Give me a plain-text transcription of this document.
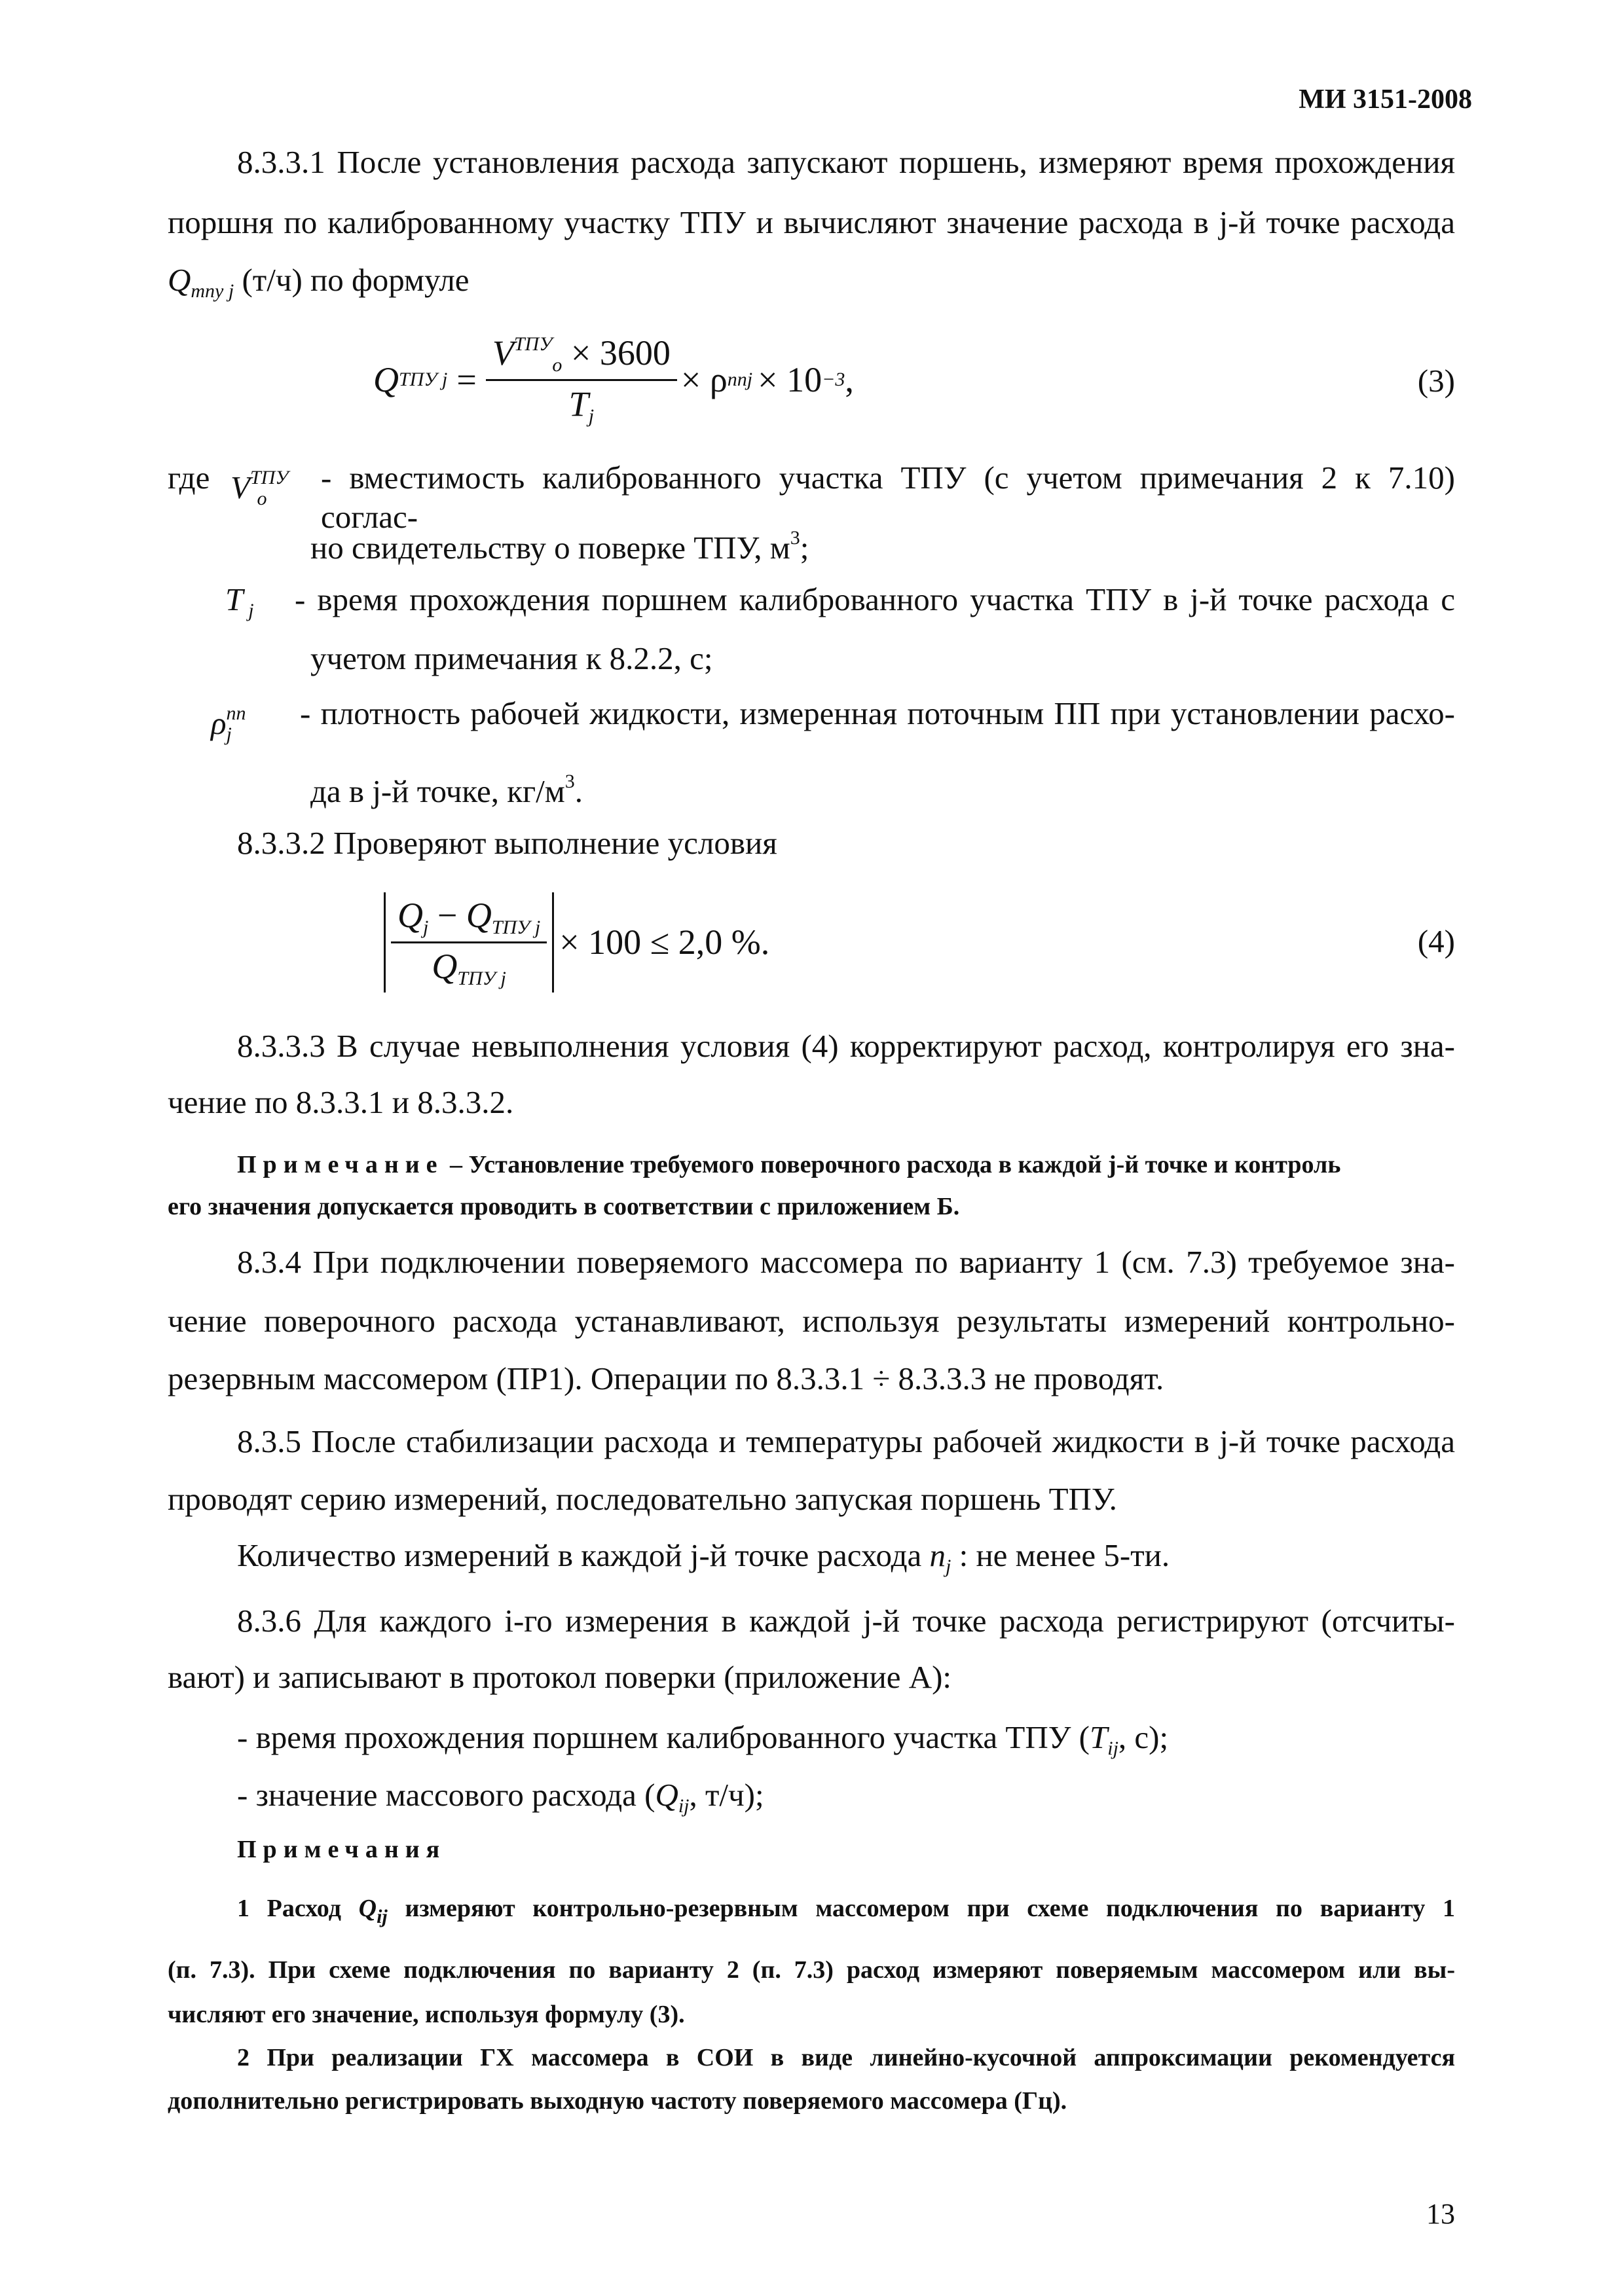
МИ 3151-2008
8.3.3.1 После установления расхода запускают поршень, измеряют время прохождения
поршня по калиброванному участку ТПУ и вычисляют значение расхода в j-й точке расхода
$Q_{тпу j}$ (т/ч) по формуле
Q ТПУ $j = \frac{V^{ТПУ}_o \times 3600}{T_j} \times \rho$ пп j × 10 −3 ,	(3)
где $V^{ТПУ}_o$
- вместимость калиброванного участка ТПУ (с учетом примечания 2 к 7.10) соглас-
но свидетельству о поверке ТПУ, $м^3$;
T $_j$ - время прохождения поршнем калиброванного участка ТПУ в j-й точке расхода с
учетом примечания к 8.2.2, с;
$\rho^{пп}_j$
- плотность рабочей жидкости, измеренная поточным ПП при установлении расхо-
да в j-й точке, $кг/м^3$.
8.3.3.2 Проверяют выполнение условия
$\frac{Q_j - Q_{ТПУ j}}{Q_{ТПУ j}} \times 100 \le 2,0$ %.	(4)
8.3.3.3 В случае невыполнения условия (4) корректируют расход, контролируя его зна-
чение по 8.3.3.1 и 8.3.3.2.
Примечание – Установление требуемого поверочного расхода в каждой j-й точке и контроль
его значения допускается проводить в соответствии с приложением Б.
8.3.4 При подключении поверяемого массомера по варианту 1 (см. 7.3) требуемое зна-
чение поверочного расхода устанавливают, используя результаты измерений контрольно-
резервным массомером (ПР1). Операции по 8.3.3.1 ÷ 8.3.3.3 не проводят.
8.3.5 После стабилизации расхода и температуры рабочей жидкости в j-й точке расхода
проводят серию измерений, последовательно запуская поршень ТПУ.
Количество измерений в каждой j-й точке расхода $n_j$ : не менее 5-ти.
8.3.6 Для каждого i-го измерения в каждой j-й точке расхода регистрируют (отсчиты-
вают) и записывают в протокол поверки (приложение А):
- время прохождения поршнем калиброванного участка ТПУ ($T_{ij}$, с);
- значение массового расхода ($Q_{ij}$, т/ч);
Примечания
1 Расход $Q_{ij}$ измеряют контрольно-резервным массомером при схеме подключения по варианту 1
(п. 7.3). При схеме подключения по варианту 2 (п. 7.3) расход измеряют поверяемым массомером или вы-
числяют его значение, используя формулу (3).
2 При реализации ГХ массомера в СОИ в виде линейно-кусочной аппроксимации рекомендуется
дополнительно регистрировать выходную частоту поверяемого массомера (Гц).
13
